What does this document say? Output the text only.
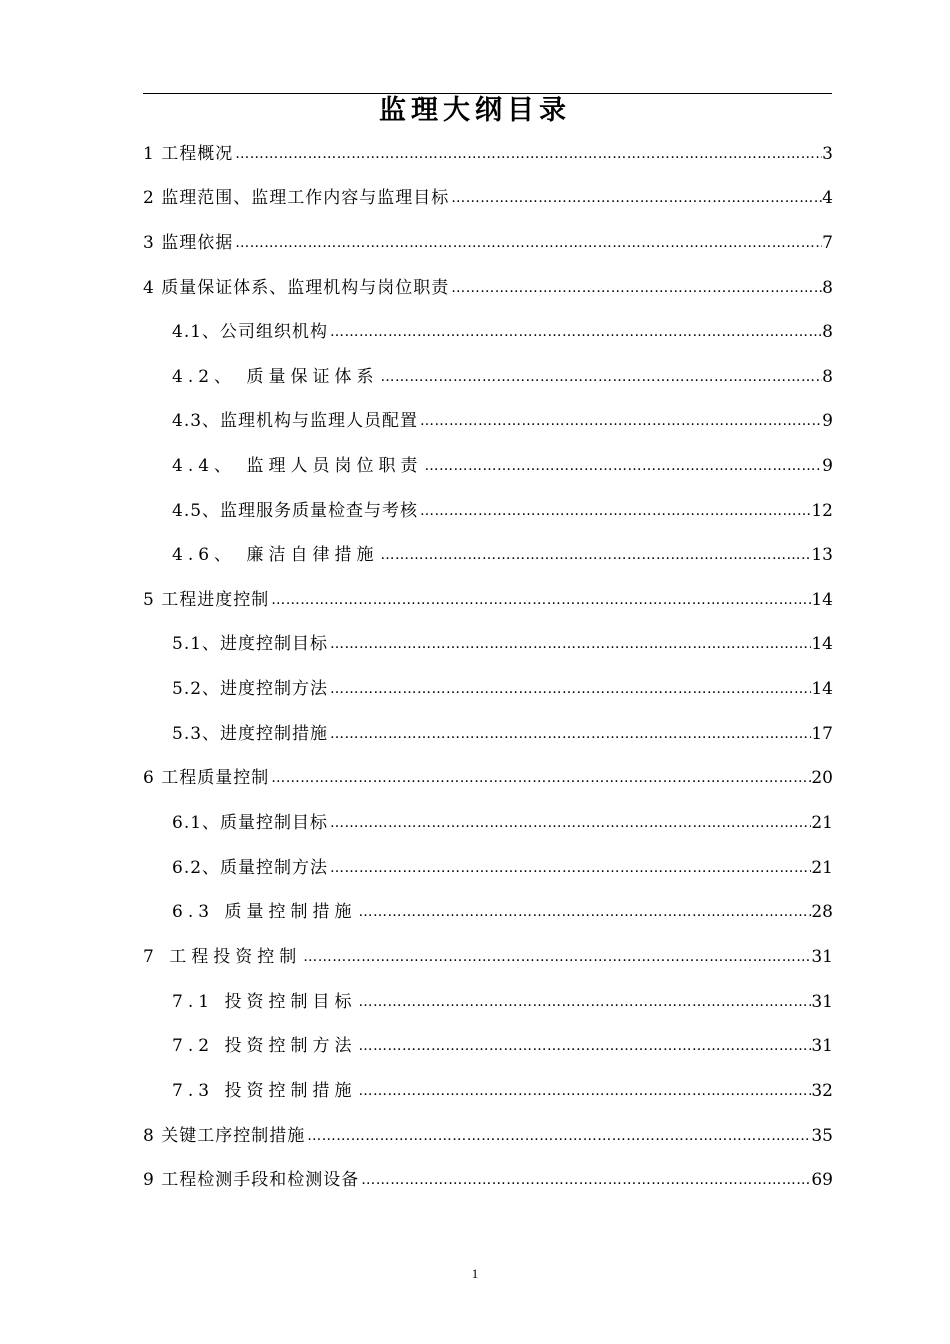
监理大纲目录
1 工程概况 ……………………………………………………………………………………………………………………………………………………………………	3
2 监理范围、监理工作内容与监理目标 ……………………………………………………………………………………………………………………………………………………………………	4
3 监理依据 ……………………………………………………………………………………………………………………………………………………………………	7
4 质量保证体系、监理机构与岗位职责 ……………………………………………………………………………………………………………………………………………………………………	8
4.1、公司组织机构 ……………………………………………………………………………………………………………………………………………………………………	8
4.2、 质量保证体系 ……………………………………………………………………………………………………………………………………………………………………	8
4.3、监理机构与监理人员配置 ……………………………………………………………………………………………………………………………………………………………………	9
4.4、 监理人员岗位职责 ……………………………………………………………………………………………………………………………………………………………………	9
4.5、监理服务质量检查与考核 ……………………………………………………………………………………………………………………………………………………………………	12
4.6、 廉洁自律措施 ……………………………………………………………………………………………………………………………………………………………………	13
5 工程进度控制 ……………………………………………………………………………………………………………………………………………………………………	14
5.1、进度控制目标 ……………………………………………………………………………………………………………………………………………………………………	14
5.2、进度控制方法 ……………………………………………………………………………………………………………………………………………………………………	14
5.3、进度控制措施 ……………………………………………………………………………………………………………………………………………………………………	17
6 工程质量控制 ……………………………………………………………………………………………………………………………………………………………………	20
6.1、质量控制目标 ……………………………………………………………………………………………………………………………………………………………………	21
6.2、质量控制方法 ……………………………………………………………………………………………………………………………………………………………………	21
6.3 质量控制措施 ……………………………………………………………………………………………………………………………………………………………………	28
7 工程投资控制 ……………………………………………………………………………………………………………………………………………………………………	31
7.1 投资控制目标 ……………………………………………………………………………………………………………………………………………………………………	31
7.2 投资控制方法 ……………………………………………………………………………………………………………………………………………………………………	31
7.3 投资控制措施 ……………………………………………………………………………………………………………………………………………………………………	32
8 关键工序控制措施 ……………………………………………………………………………………………………………………………………………………………………	35
9 工程检测手段和检测设备 ……………………………………………………………………………………………………………………………………………………………………	69
1
